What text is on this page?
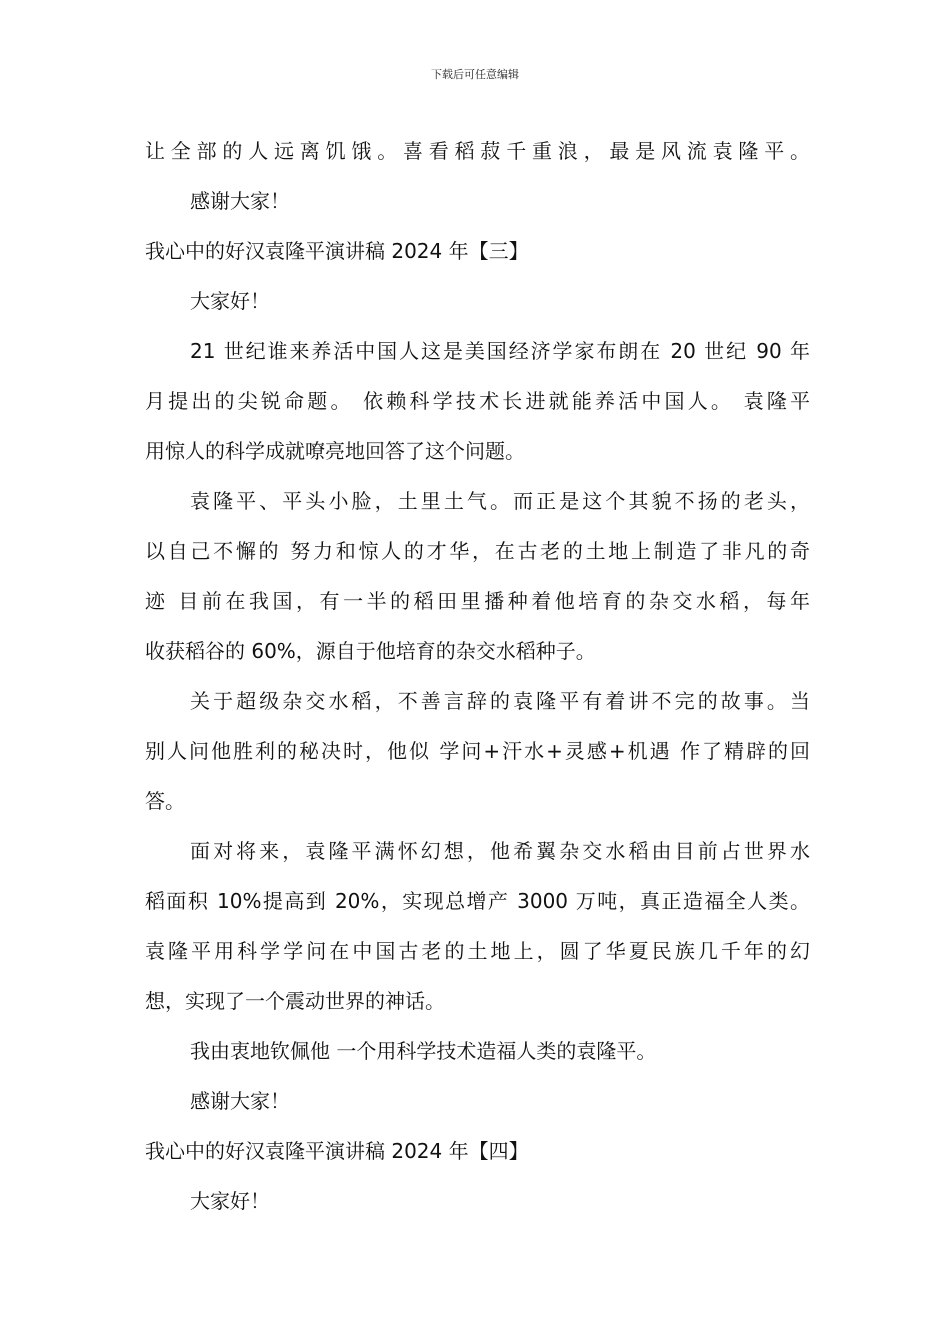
下载后可任意编辑
让全部的人远离饥饿。喜看稻菽千重浪，最是风流袁隆平。
感谢大家！
我心中的好汉袁隆平演讲稿 2024 年【三】
大家好！
21 世纪谁来养活中国人这是美国经济学家布朗在 20 世纪 90 年
月提出的尖锐命题。 依赖科学技术长进就能养活中国人。 袁隆平
用惊人的科学成就嘹亮地回答了这个问题。
袁隆平、平头小脸，土里土气。而正是这个其貌不扬的老头，
以自己不懈的 努力和惊人的才华，在古老的土地上制造了非凡的奇
迹 目前在我国，有一半的稻田里播种着他培育的杂交水稻，每年
收获稻谷的 60%，源自于他培育的杂交水稻种子。
关于超级杂交水稻，不善言辞的袁隆平有着讲不完的故事。当
别人问他胜利的秘决时，他似 学问+汗水+灵感+机遇 作了精辟的回
答。
面对将来，袁隆平满怀幻想，他希翼杂交水稻由目前占世界水
稻面积 10%提高到 20%，实现总增产 3000 万吨，真正造福全人类。
袁隆平用科学学问在中国古老的土地上，圆了华夏民族几千年的幻
想，实现了一个震动世界的神话。
我由衷地钦佩他 一个用科学技术造福人类的袁隆平。
感谢大家！
我心中的好汉袁隆平演讲稿 2024 年【四】
大家好！
